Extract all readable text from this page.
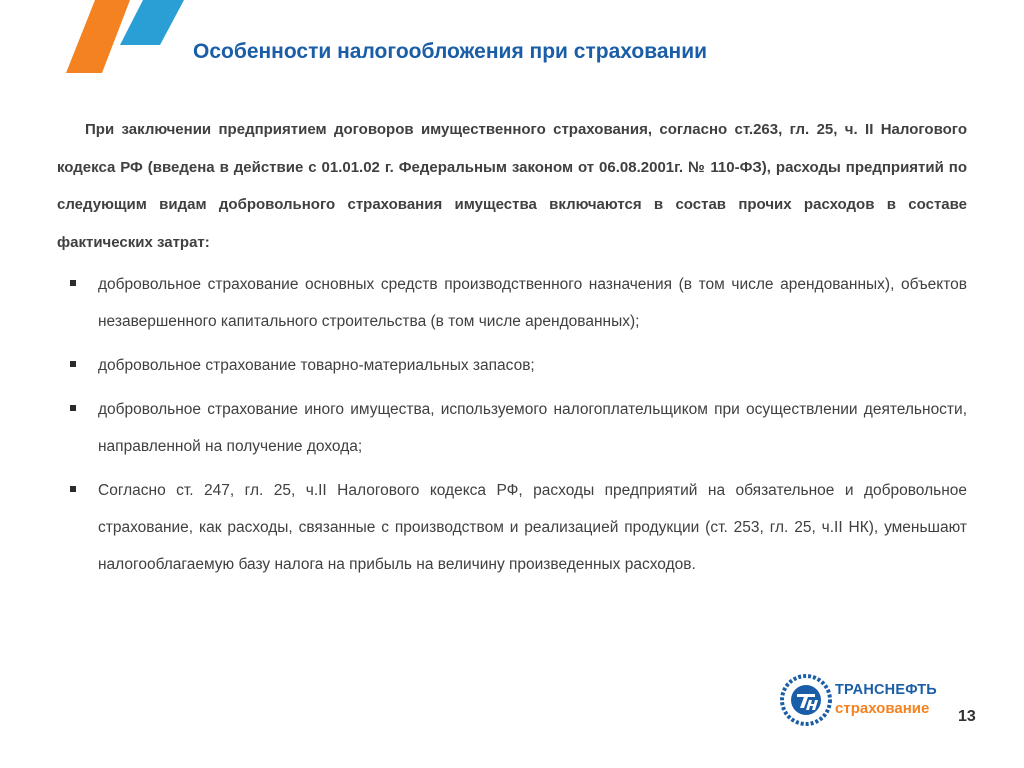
Особенности налогообложения при страховании

При заключении предприятием договоров имущественного страхования, согласно ст.263, гл. 25, ч. II Налогового кодекса РФ (введена в действие с 01.01.02 г. Федеральным законом от 06.08.2001г. № 110-ФЗ), расходы предприятий по следующим видам добровольного страхования имущества включаются в состав прочих расходов в составе фактических затрат:

добровольное страхование основных средств производственного назначения (в том числе арендованных), объектов незавершенного капитального строительства (в том числе арендованных);
добровольное страхование товарно-материальных запасов;
добровольное страхование иного имущества, используемого налогоплательщиком при осуществлении деятельности, направленной на получение дохода;
Согласно ст. 247, гл. 25, ч.II Налогового кодекса РФ, расходы предприятий на обязательное и добровольное страхование, как расходы, связанные с производством и реализацией продукции (ст. 253, гл. 25, ч.II НК), уменьшают налогооблагаемую базу налога на прибыль на величину произведенных расходов.

ТРАНСНЕФТЬ

страхование 13
